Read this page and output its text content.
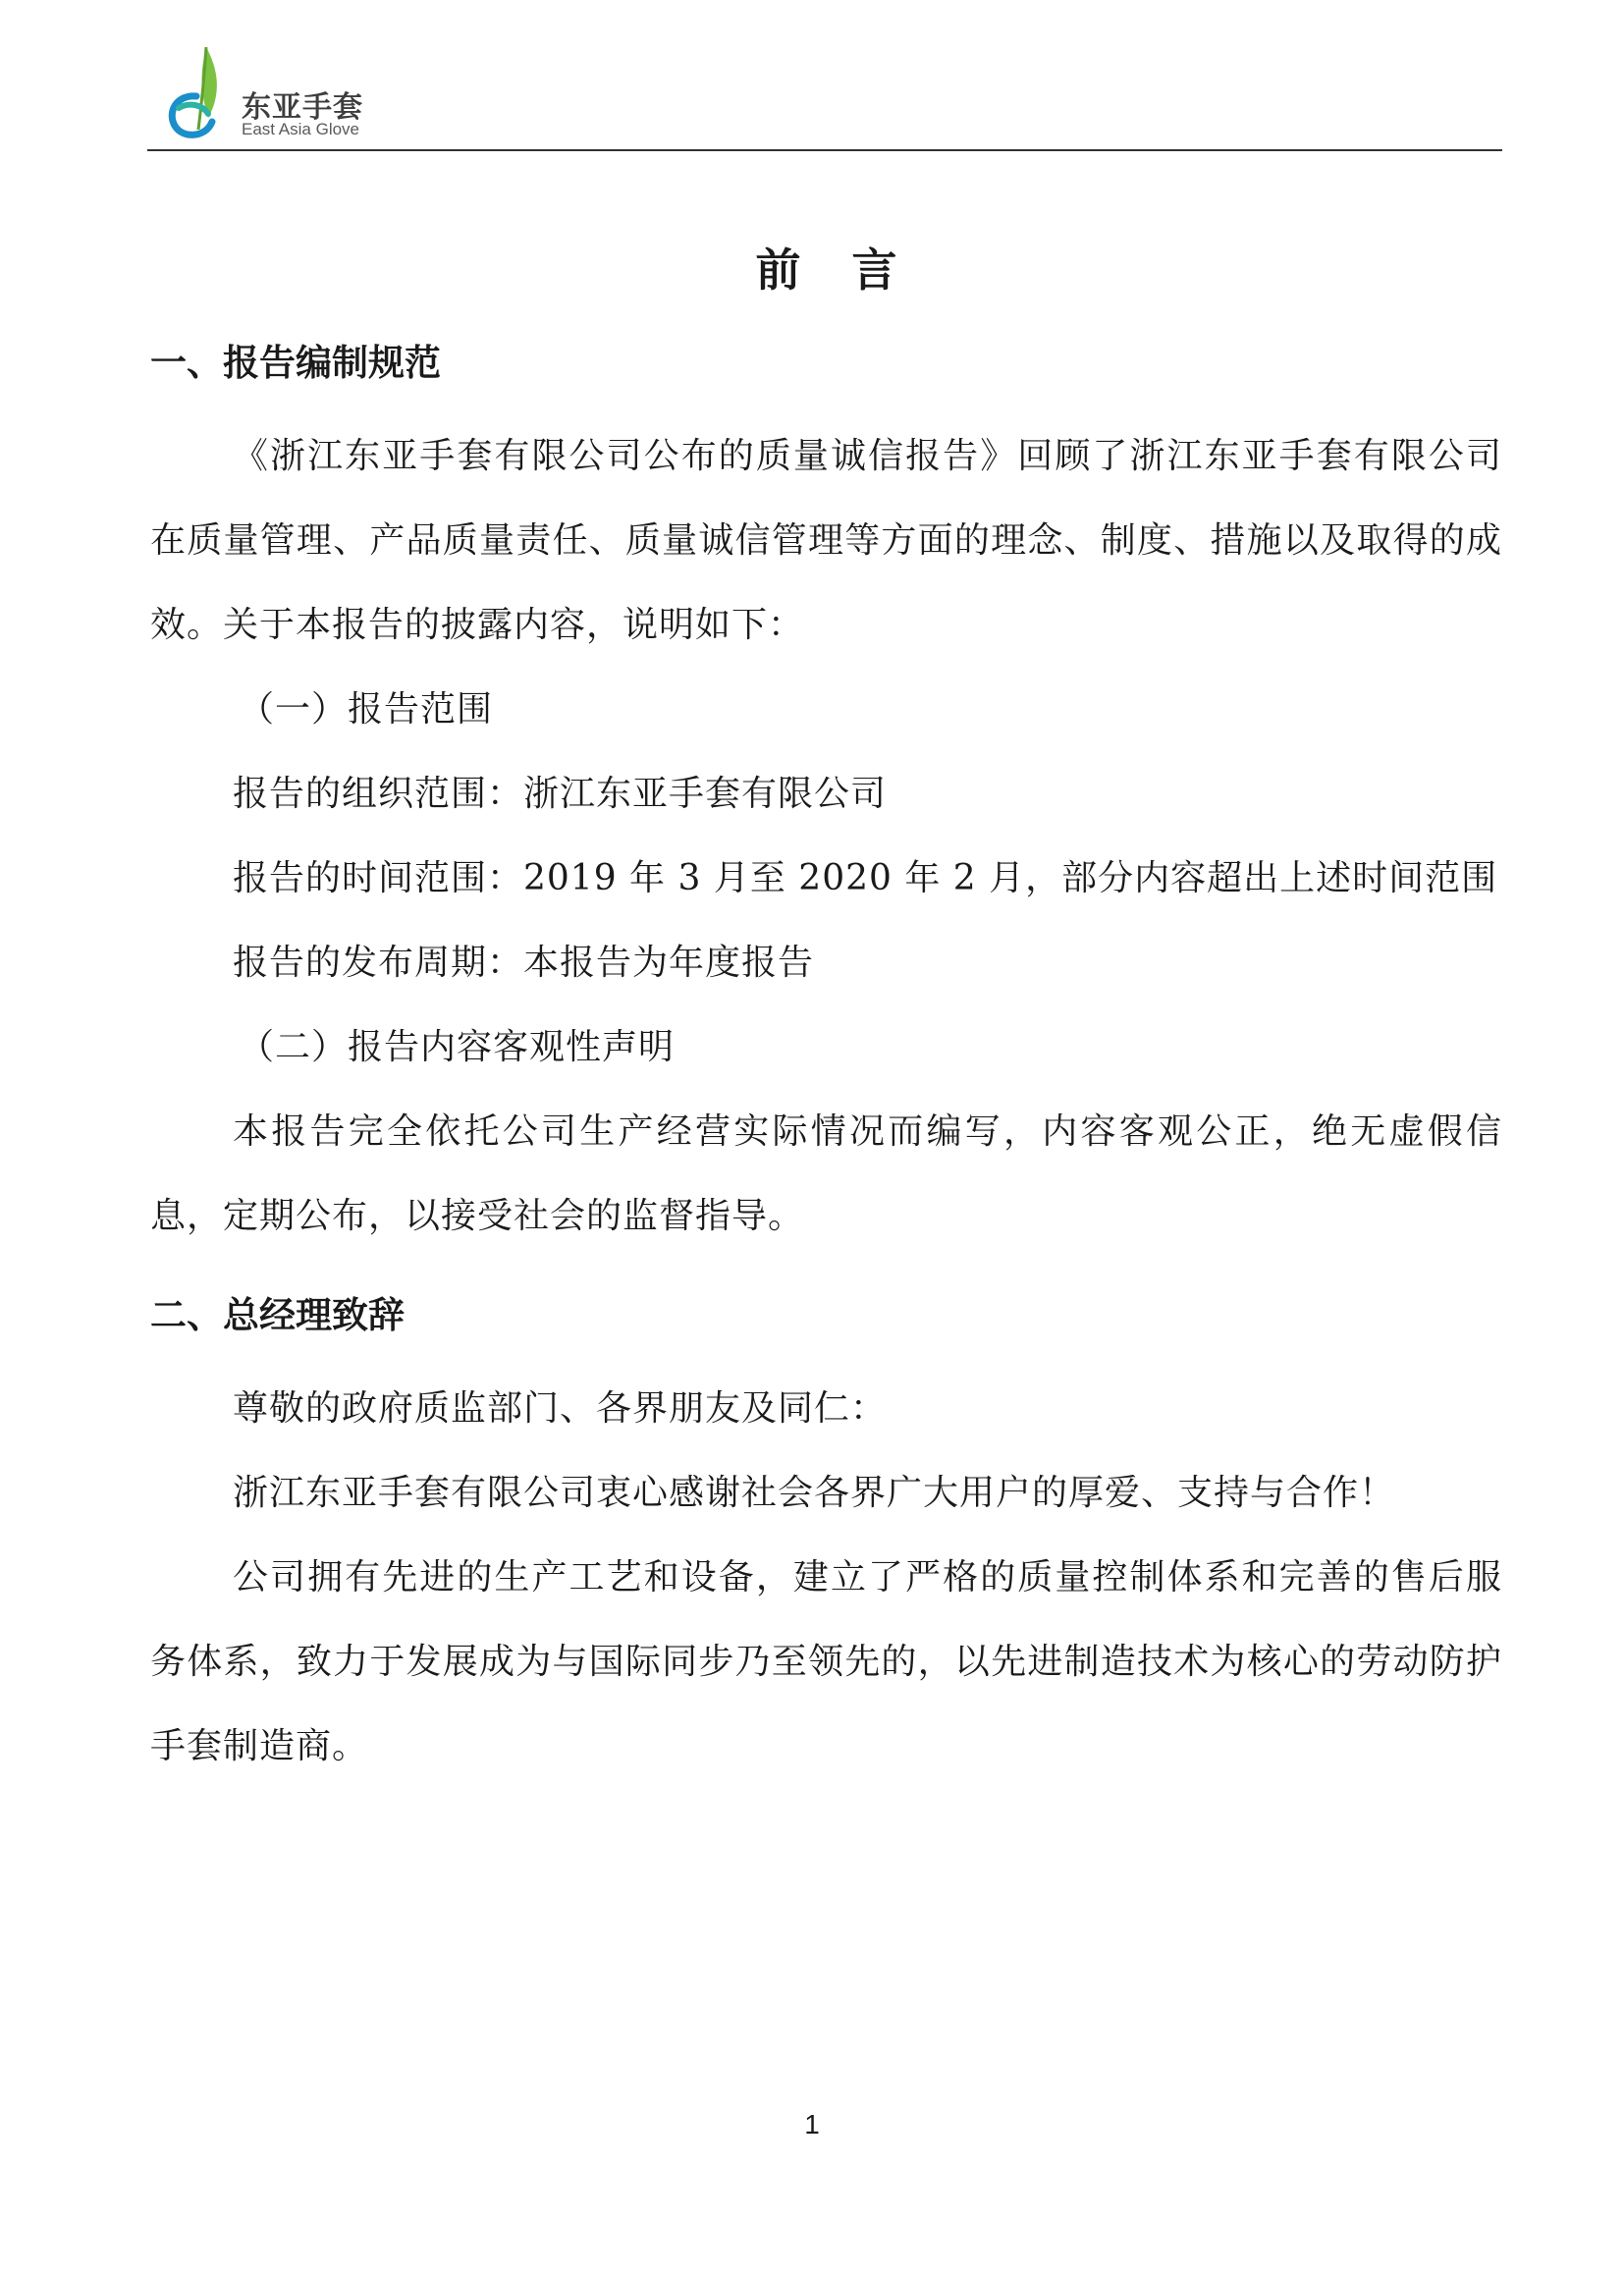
东亚手套
East Asia Glove
前言
一、报告编制规范

《浙江东亚手套有限公司公布的质量诚信报告》回顾了浙江东亚手套有限公司在质量管理、产品质量责任、质量诚信管理等方面的理念、制度、措施以及取得的成效。关于本报告的披露内容，说明如下：

（一）报告范围

报告的组织范围：浙江东亚手套有限公司

报告的时间范围：2019 年 3 月至 2020 年 2 月，部分内容超出上述时间范围

报告的发布周期：本报告为年度报告

（二）报告内容客观性声明

本报告完全依托公司生产经营实际情况而编写，内容客观公正，绝无虚假信息，定期公布，以接受社会的监督指导。

二、总经理致辞

尊敬的政府质监部门、各界朋友及同仁：

浙江东亚手套有限公司衷心感谢社会各界广大用户的厚爱、支持与合作！

公司拥有先进的生产工艺和设备，建立了严格的质量控制体系和完善的售后服务体系，致力于发展成为与国际同步乃至领先的，以先进制造技术为核心的劳动防护手套制造商。

1
